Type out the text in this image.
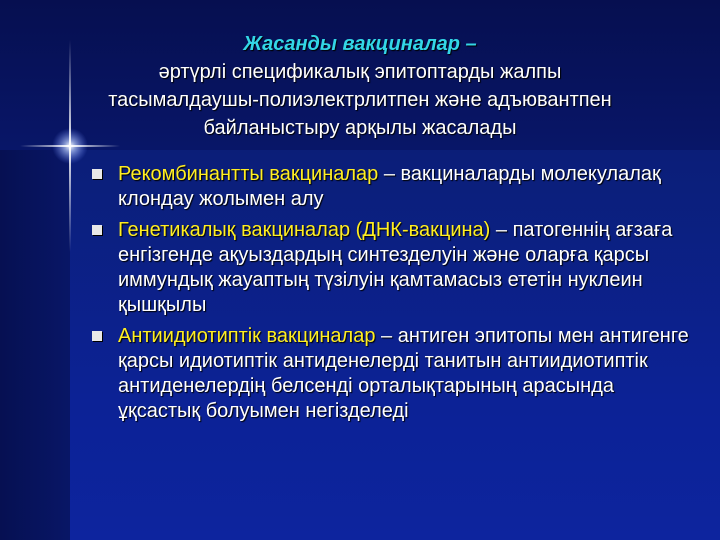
Жасанды вакциналар –
әртүрлі спецификалық эпитоптарды жалпы
тасымалдаушы-полиэлектрлитпен және адъювантпен
байланыстыру арқылы жасалады
Рекомбинантты вакциналар – вакциналарды молекулалақ клондау жолымен алу
Генетикалық вакциналар (ДНК-вакцина) – патогеннің ағзаға енгізгенде ақуыздардың синтезделуін және оларға қарсы иммундық жауаптың түзілуін қамтамасыз ететін нуклеин қышқылы
Антиидиотиптік вакциналар – антиген эпитопы мен антигенге қарсы идиотиптік антиденелерді танитын антиидиотиптік антиденелердің белсенді орталықтарының арасында ұқсастық болуымен негізделеді
